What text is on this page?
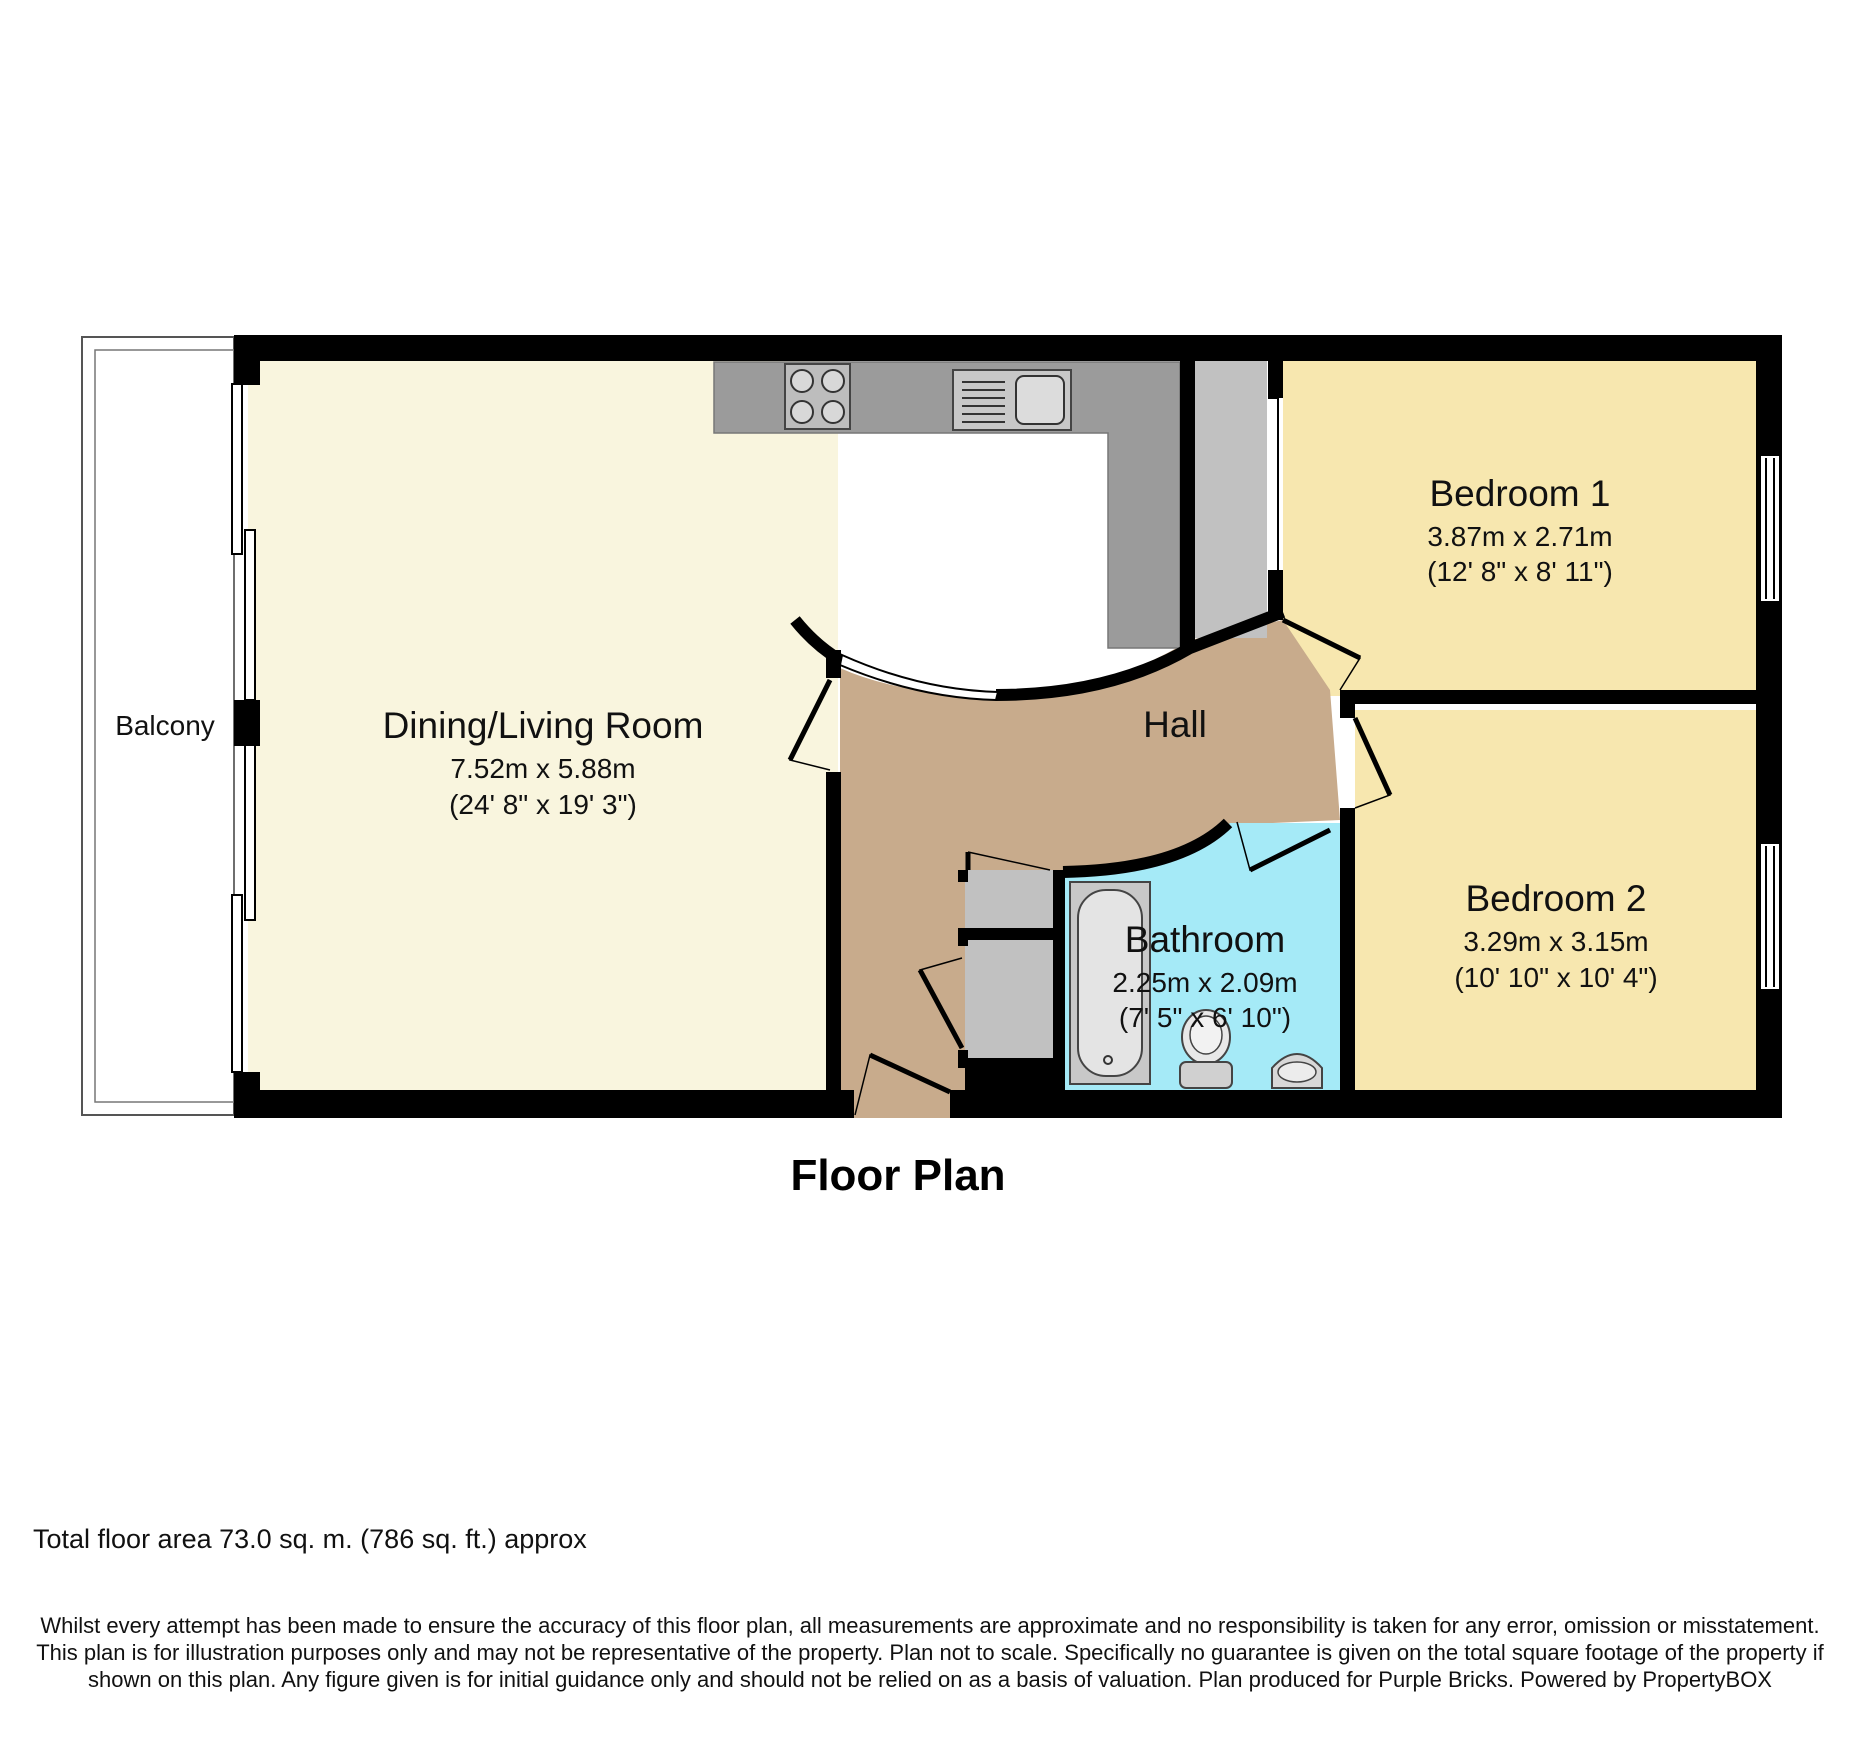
Balcony	Dining/Living Room
7.52m x 5.88m
(24' 8" x 19' 3")
Bedroom 1
3.87m x 2.71m
(12' 8" x 8' 11")
Hall
Bedroom 2
3.29m x 3.15m
(10' 10" x 10' 4")
Bathroom
2.25m x 2.09m
(7' 5" x 6' 10")
Floor Plan
Total floor area 73.0 sq. m. (786 sq. ft.) approx
Whilst every attempt has been made to ensure the accuracy of this floor plan, all measurements are approximate and no responsibility is taken for any error, omission or misstatement. This plan is for illustration purposes only and may not be representative of the property. Plan not to scale. Specifically no guarantee is given on the total square footage of the property if shown on this plan. Any figure given is for initial guidance only and should not be relied on as a basis of valuation. Plan produced for Purple Bricks. Powered by PropertyBOX
